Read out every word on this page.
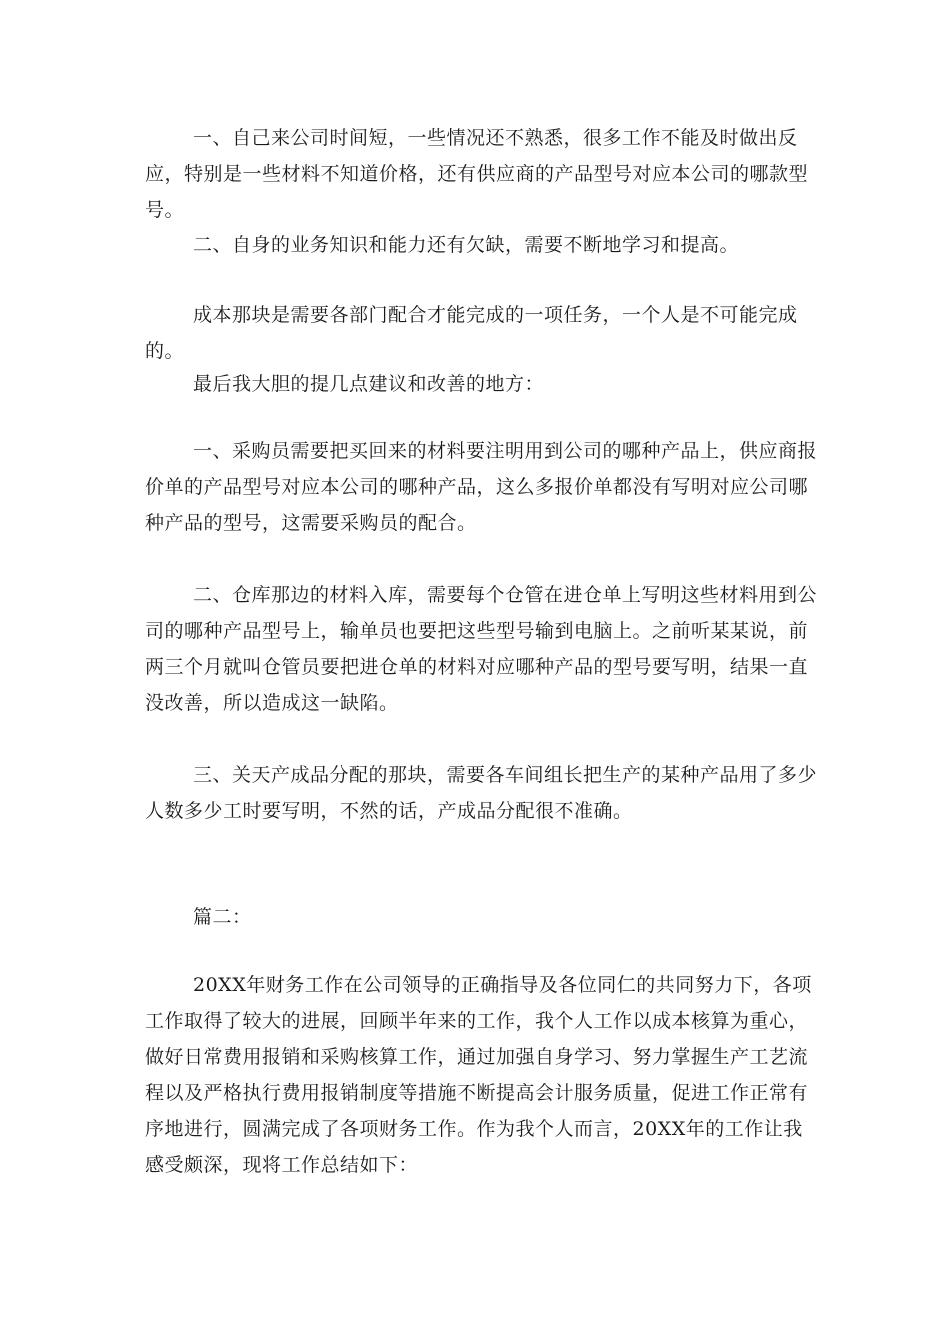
一、自己来公司时间短，一些情况还不熟悉，很多工作不能及时做出反应，特别是一些材料不知道价格，还有供应商的产品型号对应本公司的哪款型号。

二、自身的业务知识和能力还有欠缺，需要不断地学习和提高。

成本那块是需要各部门配合才能完成的一项任务，一个人是不可能完成的。

最后我大胆的提几点建议和改善的地方：

一、采购员需要把买回来的材料要注明用到公司的哪种产品上，供应商报价单的产品型号对应本公司的哪种产品，这么多报价单都没有写明对应公司哪种产品的型号，这需要采购员的配合。

二、仓库那边的材料入库，需要每个仓管在进仓单上写明这些材料用到公司的哪种产品型号上，输单员也要把这些型号输到电脑上。之前听某某说，前两三个月就叫仓管员要把进仓单的材料对应哪种产品的型号要写明，结果一直没改善，所以造成这一缺陷。

三、关天产成品分配的那块，需要各车间组长把生产的某种产品用了多少人数多少工时要写明，不然的话，产成品分配很不准确。

篇二：

20XX年财务工作在公司领导的正确指导及各位同仁的共同努力下，各项工作取得了较大的进展，回顾半年来的工作，我个人工作以成本核算为重心，做好日常费用报销和采购核算工作，通过加强自身学习、努力掌握生产工艺流程以及严格执行费用报销制度等措施不断提高会计服务质量，促进工作正常有序地进行，圆满完成了各项财务工作。作为我个人而言，20XX年的工作让我感受颇深，现将工作总结如下：
